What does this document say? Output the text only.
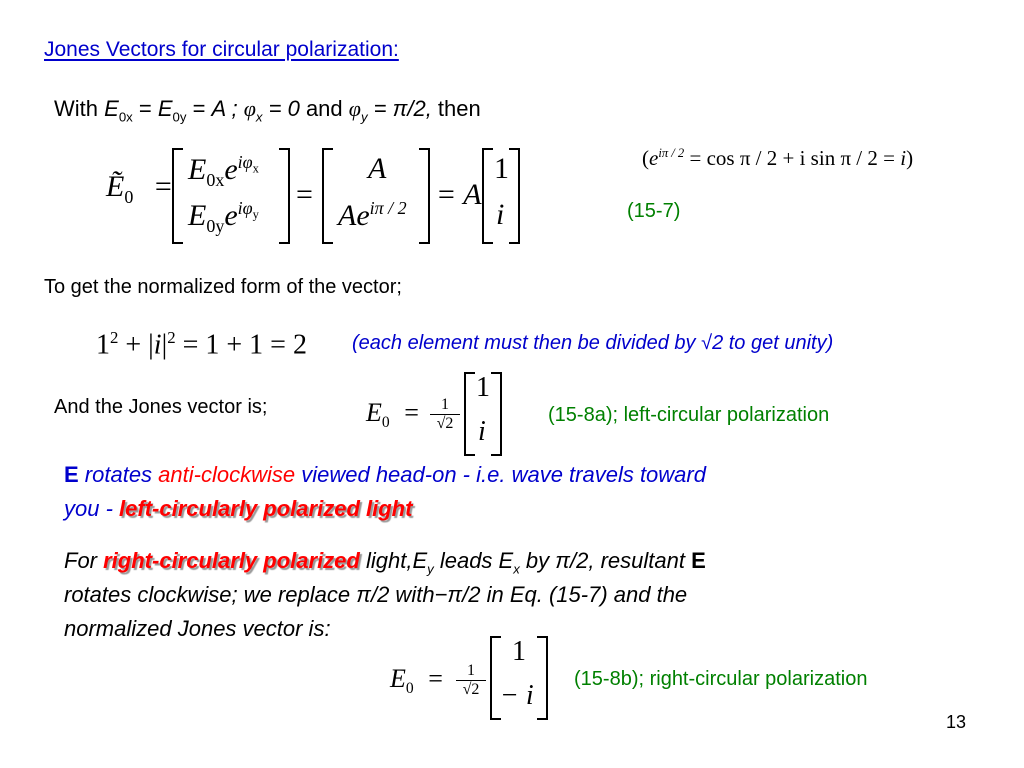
Jones Vectors for circular polarization:
With $E_{0x} = E_{0y} = A$ ; $\varphi_x = 0$ and $\varphi_y = \pi/2$, then
($e^{i\pi / 2} = \cos \pi / 2 + i$ sin π / 2 = i)
Ẽ$_0$ =
$E_{0x}e^{i\varphi_x}$
$E_{0y}e^{i\varphi_y}$
=
A
$Ae^{i\pi / 2} = A$
1
i	(15-7)
To get the normalized form of the vector;
$1^2 + |i|^2 = 1 + 1 = 2$ (each element must then be divided by √2 to get unity)
And the Jones vector is;	$E_0 = \frac{1}{√2}$
1
i
(15-8a); left-circular polarization
E rotates anti-clockwise viewed head-on - i.e. wave travels toward
you - left-circularly polarized light
For right-circularly polarized $light,E_y$ leads $E_x$ by π/2, resultant E
rotates clockwise; we replace π/2 with−π/2 in Eq. (15-7) and the
normalized Jones vector is:
$E_0 = \frac{1}{√2}$
1
− i
(15-8b); right-circular polarization
13
